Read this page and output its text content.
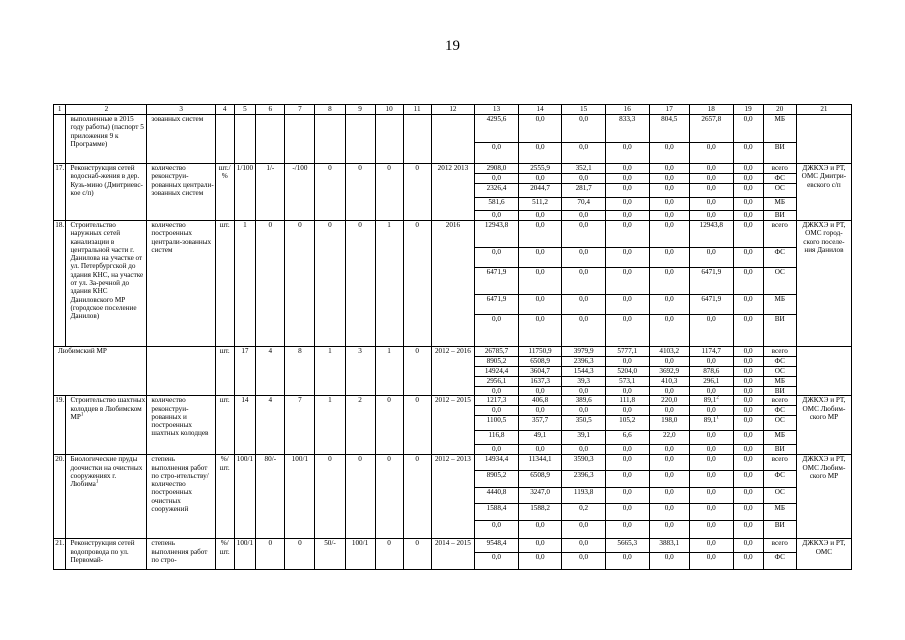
19
1	2	3	4	5	6	7	8	9	10	11	12	13	14	15	16	17	18	19	20	21
	выполненные в 2015 году работы) (паспорт 5 приложения 9 к Программе)	зованных систем										4295,6	0,0	0,0	833,3	804,5	2657,8	0,0	МБ	
												0,0	0,0	0,0	0,0	0,0	0,0	0,0	ВИ	
17.	Реконструкция сетей водоснаб-жения в дер. Кузь-мино (Дмитриевс-кое с/п)	количество реконструи-рованных централи-зованных систем	шт./ %	1/100	1/-	-/100	0	0	0	0	2012 2013	2908,0	2555,9	352,1	0,0	0,0	0,0	0,0	всего	ДЖКХЭ и РТ, ОМС Дмитри-евского с/п
												0,0	0,0	0,0	0,0	0,0	0,0	0,0	ФС	
												2326,4	2044,7	281,7	0,0	0,0	0,0	0,0	ОС	
												581,6	511,2	70,4	0,0	0,0	0,0	0,0	МБ	
												0,0	0,0	0,0	0,0	0,0	0,0	0,0	ВИ	
18.	Строительство наружных сетей канализации в центральной части г. Данилова на участке от ул. Петербургской до здания КНС, на участке от ул. За-речной до здания КНС Даниловского МР (городское поселение Данилов)	количество построенных централи-зованных систем	шт.	1	0	0	0	0	1	0	2016	12943,8	0,0	0,0	0,0	0,0	12943,8	0,0	всего	ДЖКХЭ и РТ, ОМС город-ского поселе-ния Данилов
												0,0	0,0	0,0	0,0	0,0	0,0	0,0	ФС	
												6471,9	0,0	0,0	0,0	0,0	6471,9	0,0	ОС	
												6471,9	0,0	0,0	0,0	0,0	6471,9	0,0	МБ	
												0,0	0,0	0,0	0,0	0,0	0,0	0,0	ВИ	
Любимский МР			шт.	17	4	8	1	3	1	0	2012 – 2016	26785,7	11750,9	3979,9	5777,1	4103,2	1174,7	0,0	всего	
												8905,2	6508,9	2396,3	0,0	0,0	0,0	0,0	ФС	
												14924,4	3604,7	1544,3	5204,0	3692,9	878,6	0,0	ОС	
												2956,1	1637,3	39,3	573,1	410,3	296,1	0,0	МБ	
												0,0	0,0	0,0	0,0	0,0	0,0	0,0	ВИ	
19.	Строительство шахтных колодцев в Любимском $МР^1$	количество реконструи-рованных и построенных шахтных колодцев	шт.	14	4	7	1	2	0	0	2012 – 2015	1217,3	406,8	389,6	111,8	220,0	89,1$^2$	0,0	всего	ДЖКХЭ и РТ, ОМС Любим-ского МР
												0,0	0,0	0,0	0,0	0,0	0,0	0,0	ФС	
												1100,5	357,7	350,5	105,2	198,0	89,1$^1$	0,0	ОС	
												116,8	49,1	39,1	6,6	22,0	0,0	0,0	МБ	
												0,0	0,0	0,0	0,0	0,0	0,0	0,0	ВИ	
20.	Биологические пруды доочистки на очистных сооружениях г. Любима$^1$	степень выполнения работ по стро-ительству/ количество построенных очистных сооружений	%/ шт.	100/1	80/-	100/1	0	0	0	0	2012 – 2013	14934,4	11344,1	3590,3	0,0	0,0	0,0	0,0	всего	ДЖКХЭ и РТ, ОМС Любим-ского МР
												8905,2	6508,9	2396,3	0,0	0,0	0,0	0,0	ФС	
												4440,8	3247,0	1193,8	0,0	0,0	0,0	0,0	ОС	
												1588,4	1588,2	0,2	0,0	0,0	0,0	0,0	МБ	
												0,0	0,0	0,0	0,0	0,0	0,0	0,0	ВИ	
21.	Реконструкция сетей водопровода по ул. Первомай-	степень выполнения работ по стро-	%/ шт.	100/1	0	0	50/-	100/1	0	0	2014 – 2015	9548,4	0,0	0,0	5665,3	3883,1	0,0	0,0	всего	ДЖКХЭ и РТ, ОМС
												0,0	0,0	0,0	0,0	0,0	0,0	0,0	ФС	
